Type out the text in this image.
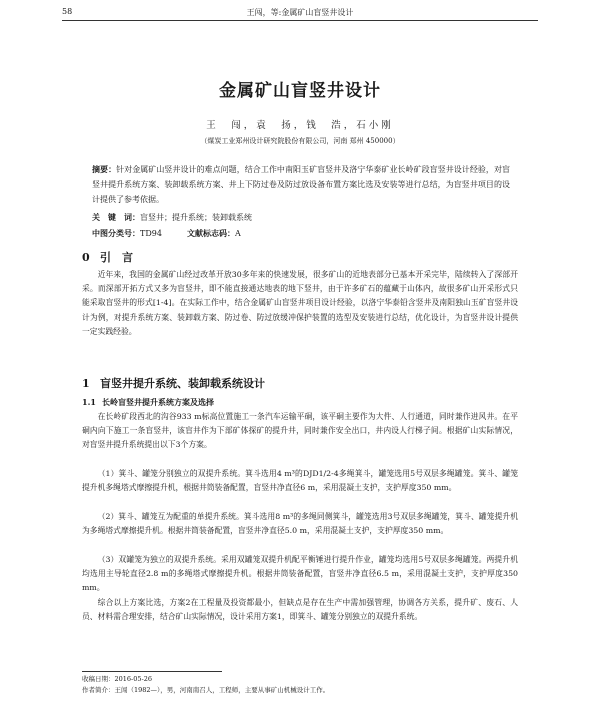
58	王闯，等:金属矿山盲竖井设计
金属矿山盲竖井设计
王　闯，袁　扬，钱　浩，石小刚
（煤炭工业郑州设计研究院股份有限公司，河南 郑州 450000）
摘要：针对金属矿山竖井设计的难点问题，结合工作中南阳玉矿盲竖井及洛宁华泰矿业长岭矿段盲竖井设计经验，对盲竖井提升系统方案、装卸载系统方案、井上下防过卷及防过放设备布置方案比选及安装等进行总结，为盲竖井项目的设计提供了参考依据。
关　键　词：盲竖井；提升系统；装卸载系统
中图分类号：TD94	文献标志码：A
0 引　言
近年来，我国的金属矿山经过改革开放30多年来的快速发展，很多矿山的近地表部分已基本开采完毕，陆续转入了深部开采。而深部开拓方式又多为盲竖井，即不能直接通达地表的地下竖井，由于许多矿石的蕴藏于山体内，故很多矿山开采形式只能采取盲竖井的形式[1-4]。在实际工作中，结合金属矿山盲竖井项目设计经验，以洛宁华泰铅含竖井及南阳独山玉矿盲竖井设计为例，对提升系统方案、装卸载方案、防过卷、防过放缓冲保护装置的选型及安装进行总结，优化设计，为盲竖井设计提供一定实践经验。
1 盲竖井提升系统、装卸载系统设计
1.1 长岭盲竖井提升系统方案及选择
在长岭矿段西北的沟谷933 m标高位置施工一条汽车运输平硐，该平硐主要作为大件、人行通道，同时兼作进风井。在平硐内向下施工一条盲竖井，该盲井作为下部矿体探矿的提升井，同时兼作安全出口，井内设人行梯子间。根据矿山实际情况，对盲竖井提升系统提出以下3个方案。
（1）箕斗、罐笼分别独立的双提升系统。箕斗选用4 m³的DJD1/2-4多绳箕斗，罐笼选用5号双层多绳罐笼。箕斗、罐笼提升机多绳塔式摩擦提升机，根据井筒装备配置，盲竖井净直径6 m，采用混凝土支护，支护厚度350 mm。
（2）箕斗、罐笼互为配重的单提升系统。箕斗选用8 m³的多绳同侧箕斗，罐笼选用3号双层多绳罐笼，箕斗、罐笼提升机为多绳塔式摩擦提升机。根据井筒装备配置，盲竖井净直径5.0 m，采用混凝土支护，支护厚度350 mm。
（3）双罐笼为独立的双提升系统。采用双罐笼双提升机配平衡锤进行提升作业，罐笼均选用5号双层多绳罐笼。两提升机均选用主导轮直径2.8 m的多绳塔式摩擦提升机。根据井筒装备配置，盲竖井净直径6.5 m，采用混凝土支护，支护厚度350 mm。
综合以上方案比选，方案2在工程量及投资都最小，但缺点是存在生产中需加强管理，协调各方关系，提升矿、废石、人员、材料需合理安排，结合矿山实际情况，设计采用方案1，即箕斗、罐笼分别独立的双提升系统。
收稿日期：2016-05-26
作者简介：王闯（1982—），男，河南南召人，工程师，主要从事矿山机械设计工作。
